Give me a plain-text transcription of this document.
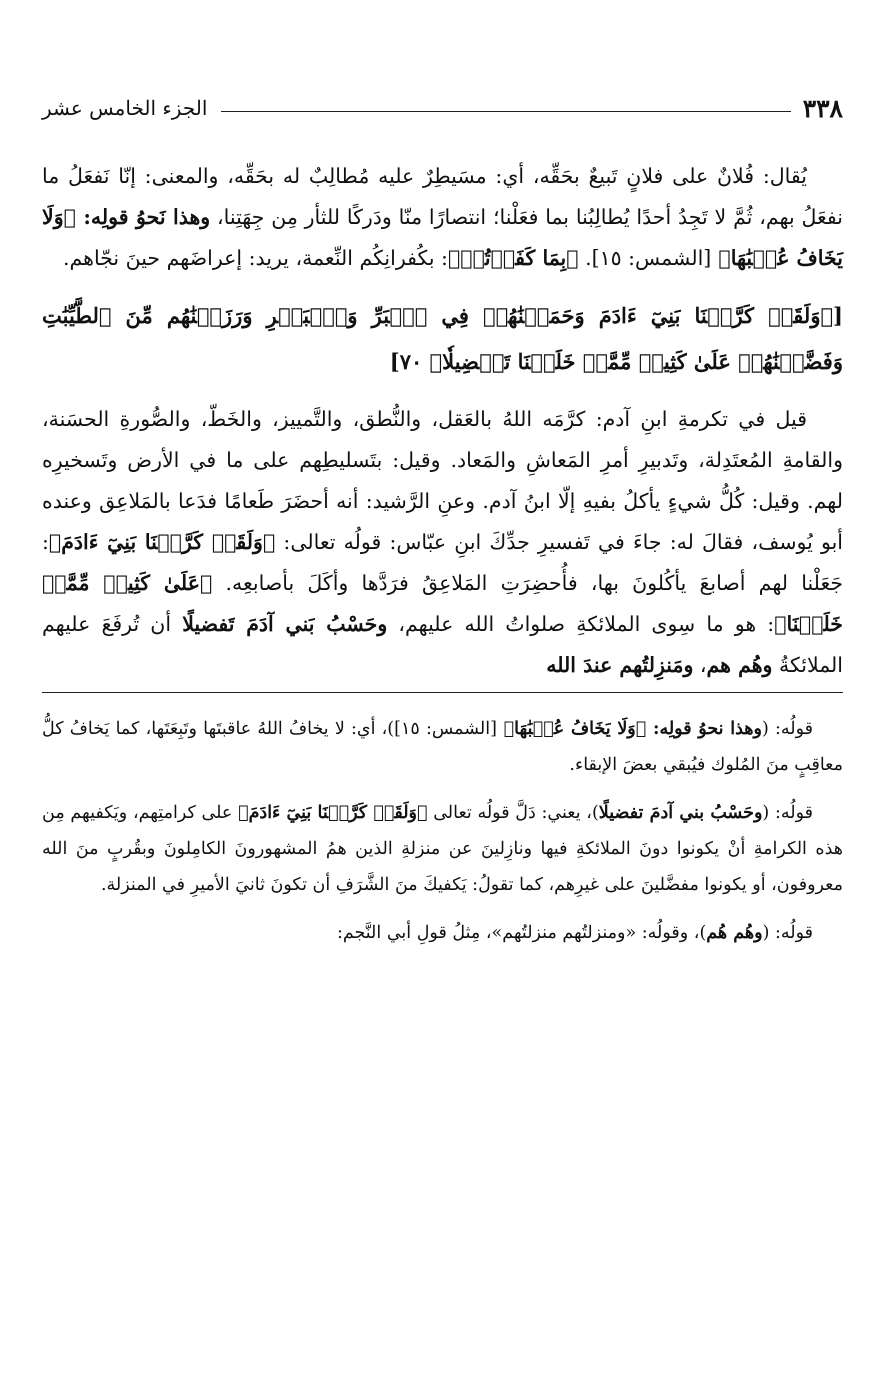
٣٣٨
الجزء الخامس عشر

يُقال: فُلانٌ على فلانٍ تَبيعٌ بحَقِّه، أي: مسَيطِرٌ عليه مُطالِبٌ له بحَقِّه، والمعنى: إنّا نَفعَلُ ما نفعَلُ بهم، ثُمَّ لا تَجِدُ أحدًا يُطالِبُنا بما فعَلْنا؛ انتصارًا منّا ودَركًا للثأر مِن جِهَتِنا، وهذا نَحوُ قولِه: ﴿وَلَا يَخَافُ عُقۡبَٰهَا﴾ [الشمس: ١٥]. ﴿بِمَا كَفَرۡتُمۡ﴾: بكُفرانِكُم النِّعمة، يريد: إعراضَهم حينَ نجّاهم.

[﴿وَلَقَدۡ كَرَّمۡنَا بَنِيٓ ءَادَمَ وَحَمَلۡنَٰهُمۡ فِي ٱلۡبَرِّ وَٱلۡبَحۡرِ وَرَزَقۡنَٰهُم مِّنَ ٱلطَّيِّبَٰتِ وَفَضَّلۡنَٰهُمۡ عَلَىٰ كَثِيرٖ مِّمَّنۡ خَلَقۡنَا تَفۡضِيلٗا﴾ ٧٠]

قيل في تكرمةِ ابنِ آدم: كرَّمَه اللهُ بالعَقل، والنُّطق، والتَّمييز، والخَطّ، والصُّورةِ الحسَنة، والقامةِ المُعتَدِلة، وتَدبيرِ أمرِ المَعاشِ والمَعاد. وقيل: بتَسليطِهم على ما في الأرض وتَسخيرِه لهم. وقيل: كُلُّ شيءٍ يأكلُ بفيهِ إلّا ابنُ آدم. وعنِ الرَّشيد: أنه أحضَرَ طَعامًا فدَعا بالمَلاعِق وعنده أبو يُوسف، فقالَ له: جاءَ في تَفسيرِ جدِّكَ ابنِ عبّاس: قولُه تعالى: ﴿وَلَقَدۡ كَرَّمۡنَا بَنِيٓ ءَادَمَ﴾: جَعَلْنا لهم أصابعَ يأكُلونَ بها، فأُحضِرَتِ المَلاعِقُ فرَدَّها وأكَلَ بأصابعِه. ﴿عَلَىٰ كَثِيرٖ مِّمَّنۡ خَلَقۡنَا﴾: هو ما سِوى الملائكةِ صلواتُ الله عليهم، وحَسْبُ بَني آدَمَ تَفضيلًا أن تُرفَعَ عليهم الملائكةُ وهُم هم، ومَنزِلتُهم عندَ الله

قولُه: (وهذا نحوُ قولِه: ﴿وَلَا يَخَافُ عُقۡبَٰهَا﴾ [الشمس: ١٥])، أي: لا يخافُ اللهُ عاقبتَها وتَبِعَتَها، كما يَخافُ كلُّ معاقِبٍ منَ المُلوك فيُبقي بعضَ الإبقاء.

قولُه: (وحَسْبُ بني آدمَ تفضيلًا)، يعني: دَلَّ قولُه تعالى ﴿وَلَقَدۡ كَرَّمۡنَا بَنِيٓ ءَادَمَ﴾ على كرامتِهم، ويَكفيهم مِن هذه الكرامةِ أنْ يكونوا دونَ الملائكةِ فيها ونازِلينَ عن منزلةِ الذين همُ المشهورونَ الكامِلونَ وبقُربٍ منَ الله معروفون، أو يكونوا مفضَّلينَ على غيرِهم، كما تقولُ: يَكفيكَ منَ الشَّرَفِ أن تكونَ ثانيَ الأميرِ في المنزلة.

قولُه: (وهُم هُم)، وقولُه: «ومنزلتُهم منزلتُهم»، مِثلُ قولِ أبي النَّجم:
